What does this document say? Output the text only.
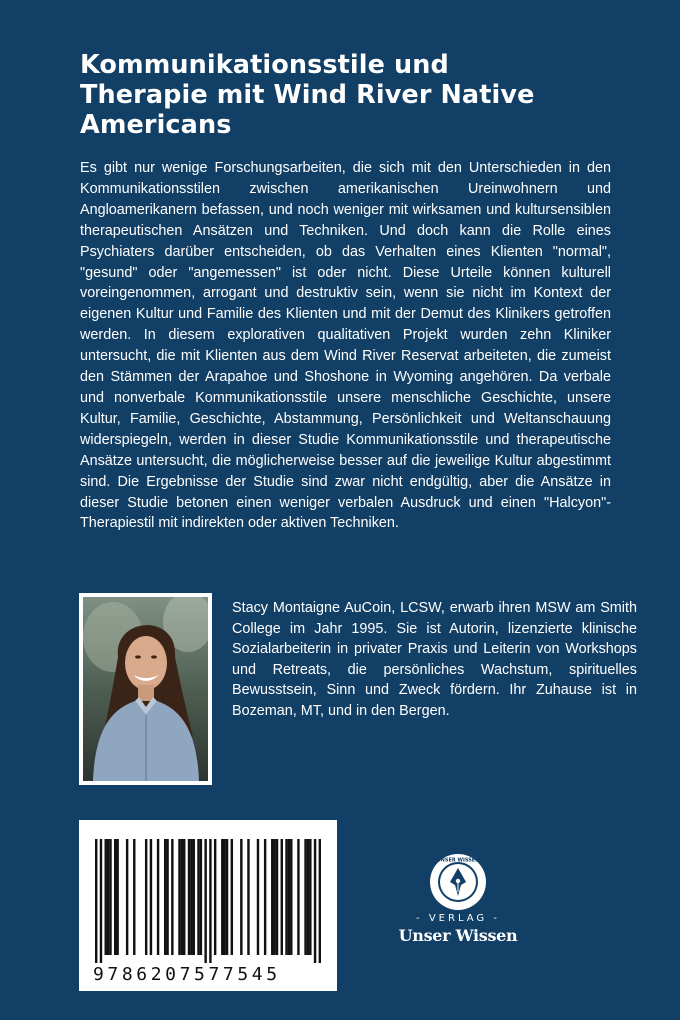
Kommunikationsstile und
Therapie mit Wind River Native
Americans

Es gibt nur wenige Forschungsarbeiten, die sich mit den Unterschieden in den Kommunikationsstilen zwischen amerikanischen Ureinwohnern und Angloamerikanern befassen, und noch weniger mit wirksamen und kultursensiblen therapeutischen Ansätzen und Techniken. Und doch kann die Rolle eines Psychiaters darüber entscheiden, ob das Verhalten eines Klienten "normal", "gesund" oder "angemessen" ist oder nicht. Diese Urteile können kulturell voreingenommen, arrogant und destruktiv sein, wenn sie nicht im Kontext der eigenen Kultur und Familie des Klienten und mit der Demut des Klinikers getroffen werden. In diesem explorativen qualitativen Projekt wurden zehn Kliniker untersucht, die mit Klienten aus dem Wind River Reservat arbeiteten, die zumeist den Stämmen der Arapahoe und Shoshone in Wyoming angehören. Da verbale und nonverbale Kommunikationsstile unsere menschliche Geschichte, unsere Kultur, Familie, Geschichte, Abstammung, Persönlichkeit und Weltanschauung widerspiegeln, werden in dieser Studie Kommunikationsstile und therapeutische Ansätze untersucht, die möglicherweise besser auf die jeweilige Kultur abgestimmt sind. Die Ergebnisse der Studie sind zwar nicht endgültig, aber die Ansätze in dieser Studie betonen einen weniger verbalen Ausdruck und einen "Halcyon"-Therapiestil mit indirekten oder aktiven Techniken.

Stacy Montaigne AuCoin, LCSW, erwarb ihren MSW am Smith College im Jahr 1995. Sie ist Autorin, lizenzierte klinische Sozialarbeiterin in privater Praxis und Leiterin von Workshops und Retreats, die persönliches Wachstum, spirituelles Bewusstsein, Sinn und Zweck fördern. Ihr Zuhause ist in Bozeman, MT, und in den Bergen.

9786207577545
UNSER WISSEN
- VERLAG -
Unser Wissen
